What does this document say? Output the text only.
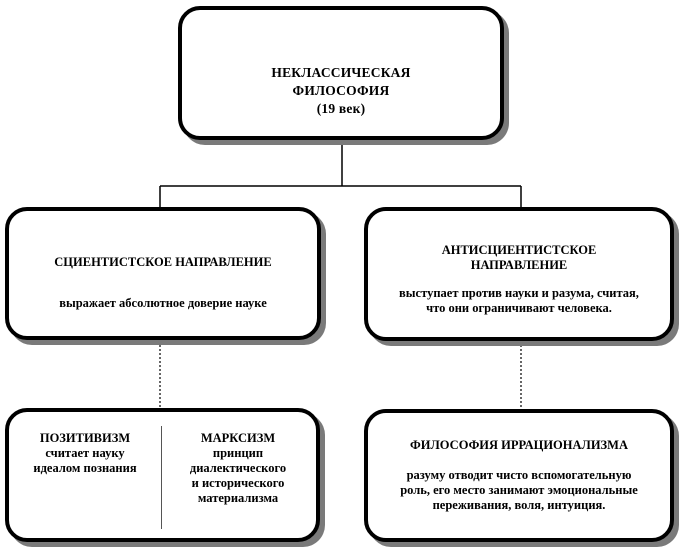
НЕКЛАССИЧЕСКАЯ
ФИЛОСОФИЯ
(19 век)
СЦИЕНТИСТСКОЕ НАПРАВЛЕНИЕ
выражает абсолютное доверие науке
АНТИСЦИЕНТИСТСКОЕ
НАПРАВЛЕНИЕ
выступает против науки и разума, считая,
что они ограничивают человека.
ПОЗИТИВИЗМ
считает науку
идеалом познания
МАРКСИЗМ
принцип
диалектического
и исторического
материализма
ФИЛОСОФИЯ ИРРАЦИОНАЛИЗМА
разуму отводит чисто вспомогательную
роль, его место занимают эмоциональные
переживания, воля, интуиция.
